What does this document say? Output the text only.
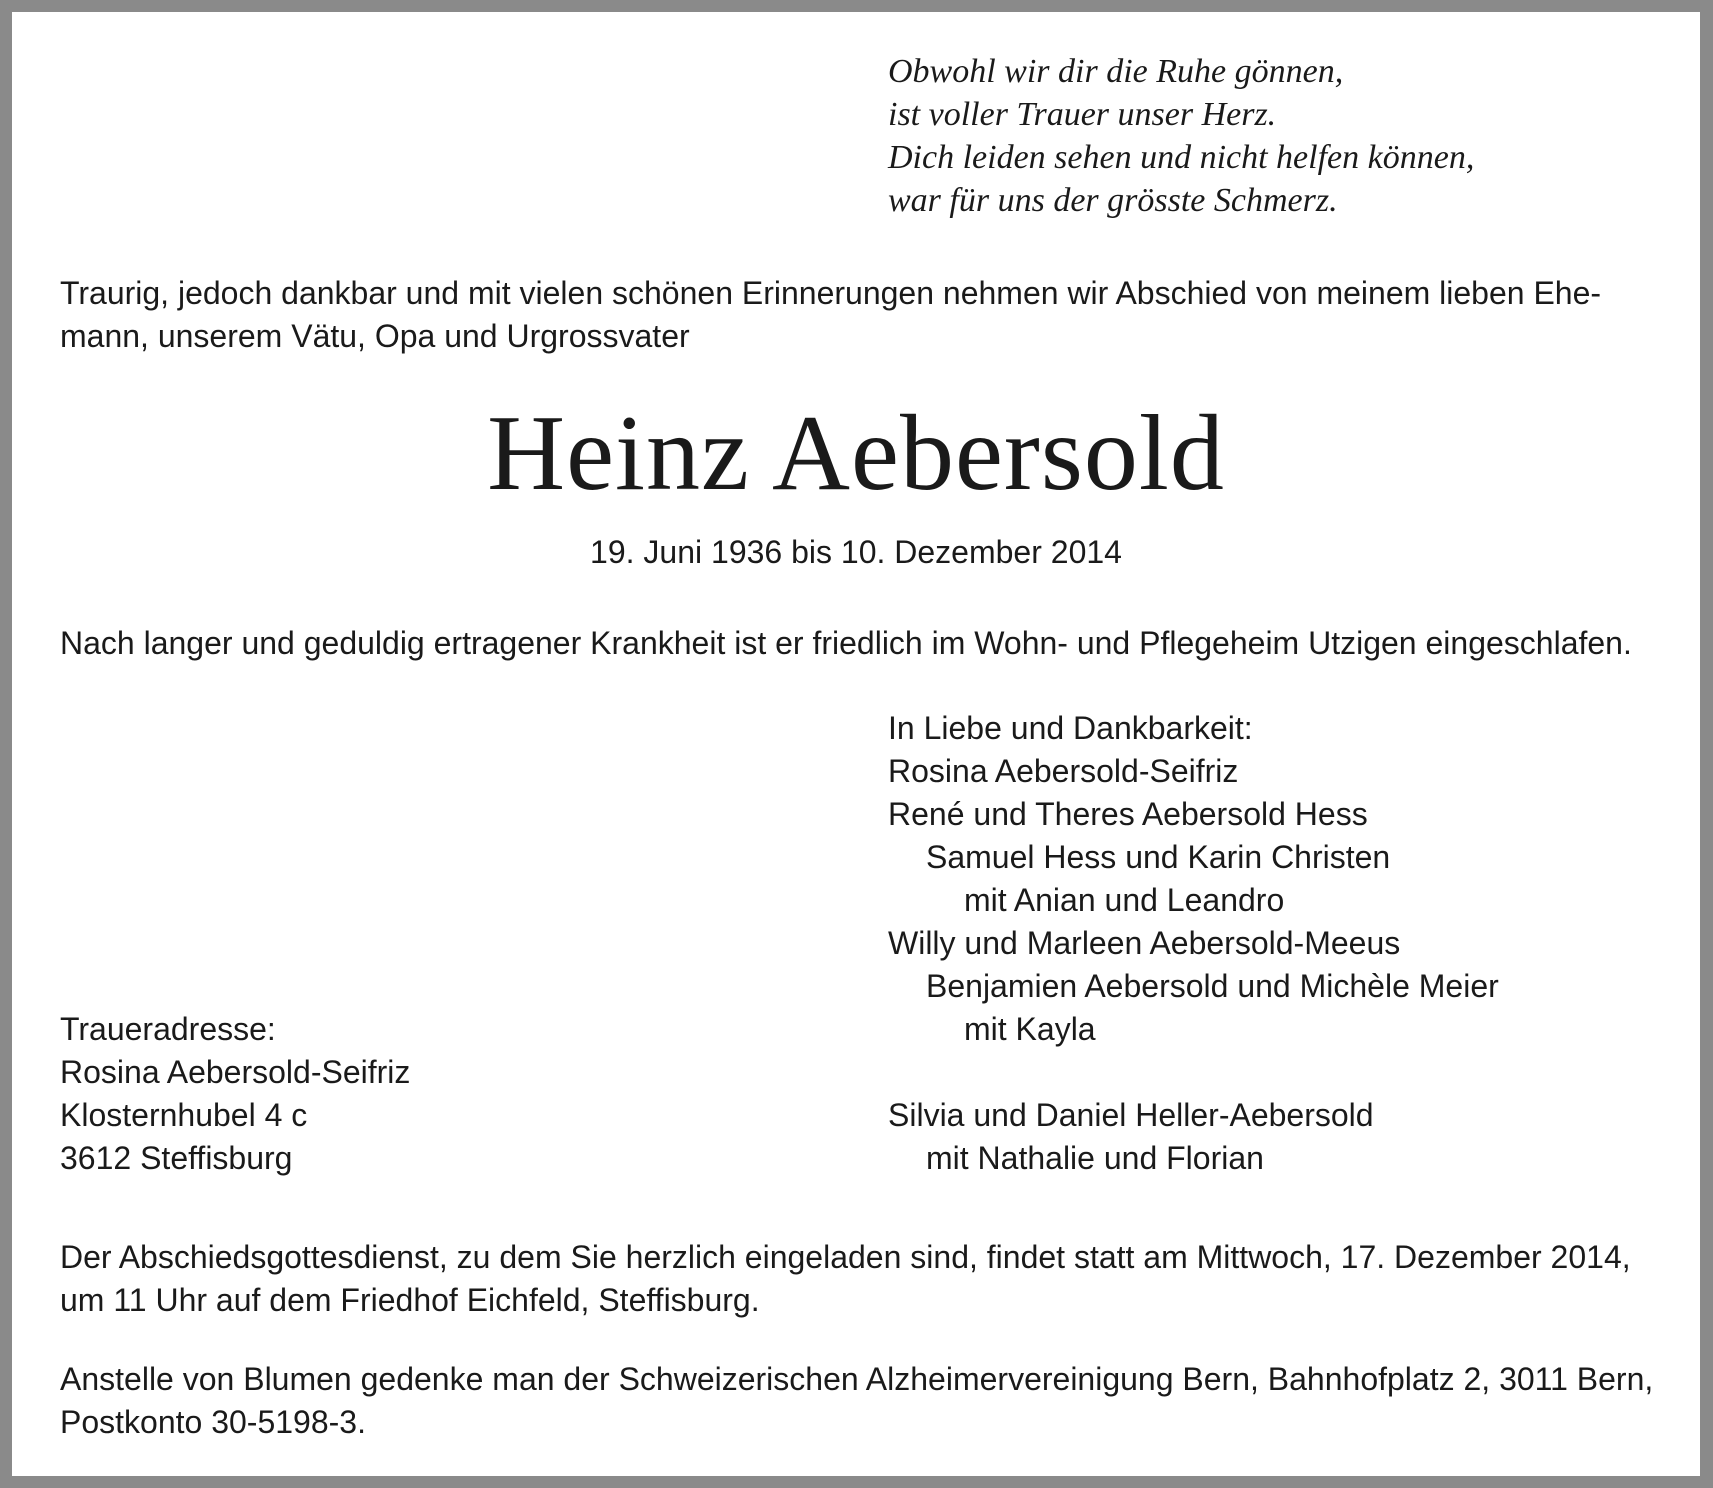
Obwohl wir dir die Ruhe gönnen,
ist voller Trauer unser Herz.
Dich leiden sehen und nicht helfen können,
war für uns der grösste Schmerz.
Traurig, jedoch dankbar und mit vielen schönen Erinnerungen nehmen wir Abschied von meinem lieben Ehe-
mann, unserem Vätu, Opa und Urgrossvater
Heinz Aebersold
19. Juni 1936 bis 10. Dezember 2014
Nach langer und geduldig ertragener Krankheit ist er friedlich im Wohn- und Pflegeheim Utzigen eingeschlafen.
In Liebe und Dankbarkeit:
Rosina Aebersold-Seifriz
René und Theres Aebersold Hess
Samuel Hess und Karin Christen
mit Anian und Leandro
Willy und Marleen Aebersold-Meeus
Benjamien Aebersold und Michèle Meier
mit Kayla
Silvia und Daniel Heller-Aebersold
mit Nathalie und Florian
Traueradresse:
Rosina Aebersold-Seifriz
Klosternhubel 4 c
3612 Steffisburg
Der Abschiedsgottesdienst, zu dem Sie herzlich eingeladen sind, findet statt am Mittwoch, 17. Dezember 2014,
um 11 Uhr auf dem Friedhof Eichfeld, Steffisburg.
Anstelle von Blumen gedenke man der Schweizerischen Alzheimervereinigung Bern, Bahnhofplatz 2, 3011 Bern,
Postkonto 30-5198-3.
